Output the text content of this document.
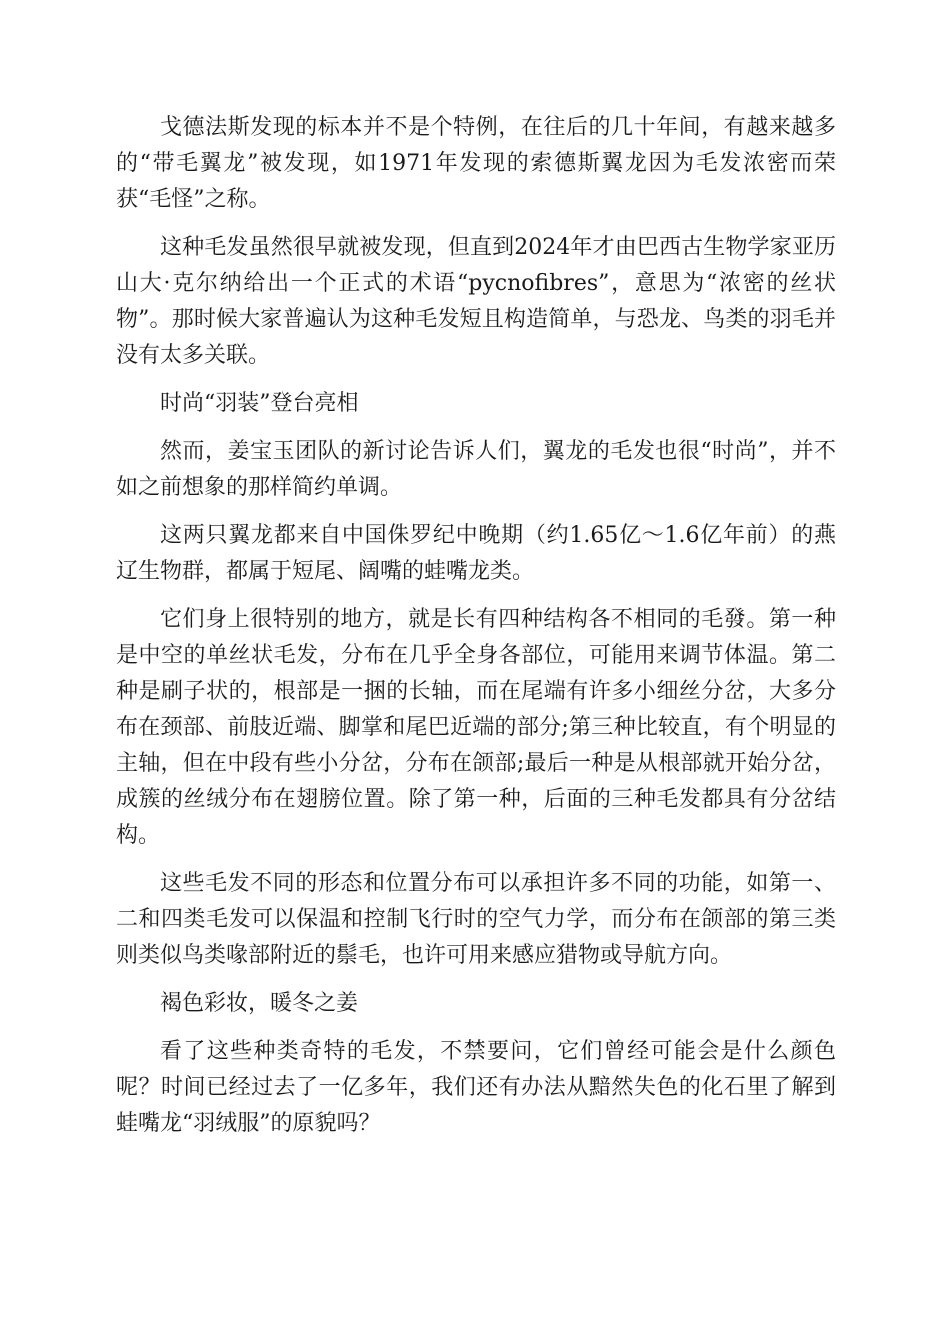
戈德法斯发现的标本并不是个特例，在往后的几十年间，有越来越多的“带毛翼龙”被发现，如1971年发现的索德斯翼龙因为毛发浓密而荣获“毛怪”之称。

这种毛发虽然很早就被发现，但直到2024年才由巴西古生物学家亚历山大·克尔纳给出一个正式的术语“pycnofibres”，意思为“浓密的丝状物”。那时候大家普遍认为这种毛发短且构造简单，与恐龙、鸟类的羽毛并没有太多关联。

时尚“羽装”登台亮相

然而，姜宝玉团队的新讨论告诉人们，翼龙的毛发也很“时尚”，并不如之前想象的那样简约单调。

这两只翼龙都来自中国侏罗纪中晚期（约1.65亿～1.6亿年前）的燕辽生物群，都属于短尾、阔嘴的蛙嘴龙类。

它们身上很特别的地方，就是长有四种结构各不相同的毛發。第一种是中空的单丝状毛发，分布在几乎全身各部位，可能用来调节体温。第二种是刷子状的，根部是一捆的长轴，而在尾端有许多小细丝分岔，大多分布在颈部、前肢近端、脚掌和尾巴近端的部分;第三种比较直，有个明显的主轴，但在中段有些小分岔，分布在颌部;最后一种是从根部就开始分岔，成簇的丝绒分布在翅膀位置。除了第一种，后面的三种毛发都具有分岔结构。

这些毛发不同的形态和位置分布可以承担许多不同的功能，如第一、二和四类毛发可以保温和控制飞行时的空气力学，而分布在颌部的第三类则类似鸟类喙部附近的鬃毛，也许可用来感应猎物或导航方向。

褐色彩妆，暖冬之姜

看了这些种类奇特的毛发，不禁要问，它们曾经可能会是什么颜色呢？时间已经过去了一亿多年，我们还有办法从黯然失色的化石里了解到蛙嘴龙“羽绒服”的原貌吗？
